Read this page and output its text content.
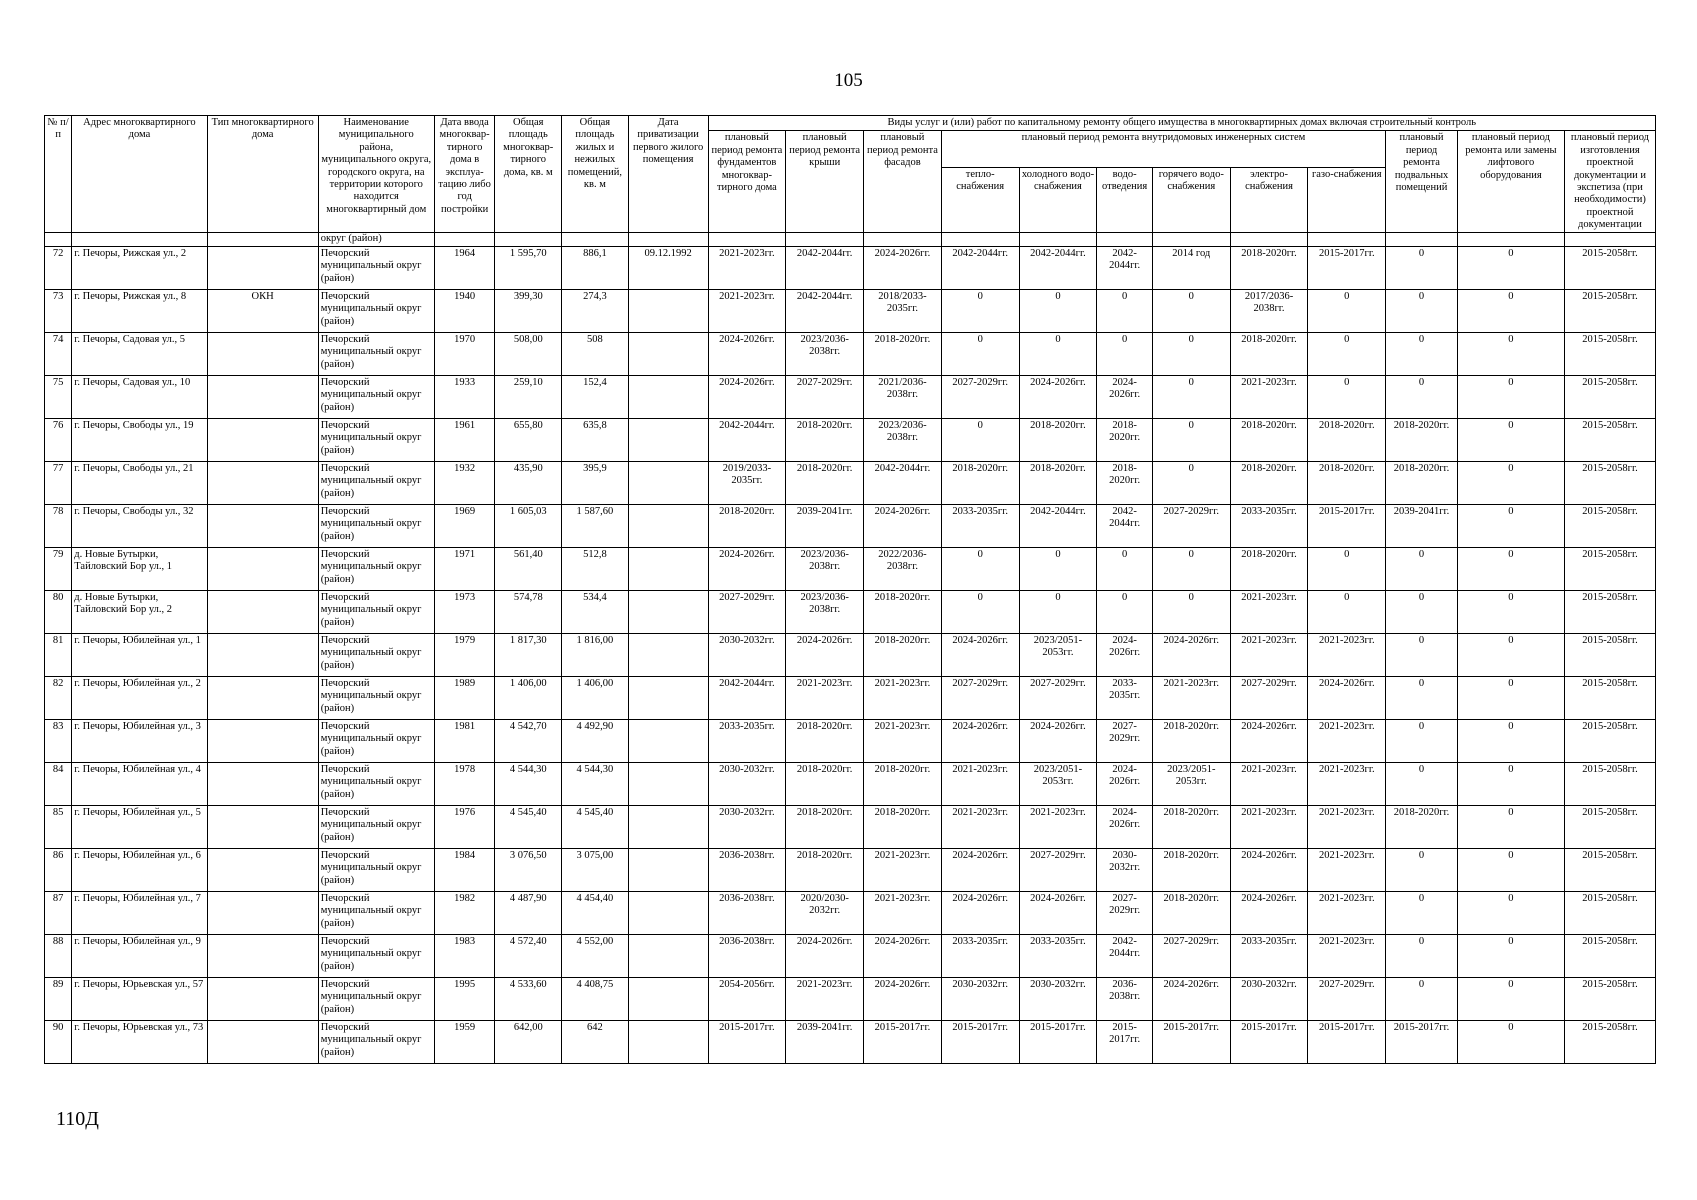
105
№ п/п	Адрес многоквартирного дома	Тип многоквартирного дома	Наименование муниципального района, муниципального округа, городского округа, на территории которого находится многоквартирный дом	Дата ввода многоквар-тирного дома в эксплуа-тацию либо год постройки	Общая площадь многоквар-тирного дома, кв. м	Общая площадь жилых и нежилых помещений, кв. м	Дата приватизации первого жилого помещения	Виды услуг и (или) работ по капитальному ремонту общего имущества в многоквартирных домах включая строительный контроль											
								плановый период ремонта фундаментов многоквар-тирного дома	плановый период ремонта крыши	плановый период ремонта фасадов	плановый период ремонта внутридомовых инженерных систем						плановый период ремонта подвальных помещений	плановый период ремонта или замены лифтового оборудования	плановый период изготовления проектной документации и экспетиза (при необходимости) проектной документации
											тепло-снабжения	холодного водо-снабжения	водо-отведения	горячего водо-снабжения	электро-снабжения	газо-снабжения			
			округ (район)																
72	г. Печоры, Рижская ул., 2		Печорский муниципальный округ (район)	1964	1 595,70	886,1	09.12.1992	2021-2023гг.	2042-2044гг.	2024-2026гг.	2042-2044гг.	2042-2044гг.	2042-2044гг.	2014 год	2018-2020гг.	2015-2017гг.	0	0	2015-2058гг.
73	г. Печоры, Рижская ул., 8	ОКН	Печорский муниципальный округ (район)	1940	399,30	274,3		2021-2023гг.	2042-2044гг.	2018/2033-2035гг.	0	0	0	0	2017/2036-2038гг.	0	0	0	2015-2058гг.
74	г. Печоры, Садовая ул., 5		Печорский муниципальный округ (район)	1970	508,00	508		2024-2026гг.	2023/2036-2038гг.	2018-2020гг.	0	0	0	0	2018-2020гг.	0	0	0	2015-2058гг.
75	г. Печоры, Садовая ул., 10		Печорский муниципальный округ (район)	1933	259,10	152,4		2024-2026гг.	2027-2029гг.	2021/2036-2038гг.	2027-2029гг.	2024-2026гг.	2024-2026гг.	0	2021-2023гг.	0	0	0	2015-2058гг.
76	г. Печоры, Свободы ул., 19		Печорский муниципальный округ (район)	1961	655,80	635,8		2042-2044гг.	2018-2020гг.	2023/2036-2038гг.	0	2018-2020гг.	2018-2020гг.	0	2018-2020гг.	2018-2020гг.	2018-2020гг.	0	2015-2058гг.
77	г. Печоры, Свободы ул., 21		Печорский муниципальный округ (район)	1932	435,90	395,9		2019/2033-2035гг.	2018-2020гг.	2042-2044гг.	2018-2020гг.	2018-2020гг.	2018-2020гг.	0	2018-2020гг.	2018-2020гг.	2018-2020гг.	0	2015-2058гг.
78	г. Печоры, Свободы ул., 32		Печорский муниципальный округ (район)	1969	1 605,03	1 587,60		2018-2020гг.	2039-2041гг.	2024-2026гг.	2033-2035гг.	2042-2044гг.	2042-2044гг.	2027-2029гг.	2033-2035гг.	2015-2017гг.	2039-2041гг.	0	2015-2058гг.
79	д. Новые Бутырки, Тайловский Бор ул., 1		Печорский муниципальный округ (район)	1971	561,40	512,8		2024-2026гг.	2023/2036-2038гг.	2022/2036-2038гг.	0	0	0	0	2018-2020гг.	0	0	0	2015-2058гг.
80	д. Новые Бутырки, Тайловский Бор ул., 2		Печорский муниципальный округ (район)	1973	574,78	534,4		2027-2029гг.	2023/2036-2038гг.	2018-2020гг.	0	0	0	0	2021-2023гг.	0	0	0	2015-2058гг.
81	г. Печоры, Юбилейная ул., 1		Печорский муниципальный округ (район)	1979	1 817,30	1 816,00		2030-2032гг.	2024-2026гг.	2018-2020гг.	2024-2026гг.	2023/2051-2053гг.	2024-2026гг.	2024-2026гг.	2021-2023гг.	2021-2023гг.	0	0	2015-2058гг.
82	г. Печоры, Юбилейная ул., 2		Печорский муниципальный округ (район)	1989	1 406,00	1 406,00		2042-2044гг.	2021-2023гг.	2021-2023гг.	2027-2029гг.	2027-2029гг.	2033-2035гг.	2021-2023гг.	2027-2029гг.	2024-2026гг.	0	0	2015-2058гг.
83	г. Печоры, Юбилейная ул., 3		Печорский муниципальный округ (район)	1981	4 542,70	4 492,90		2033-2035гг.	2018-2020гг.	2021-2023гг.	2024-2026гг.	2024-2026гг.	2027-2029гг.	2018-2020гг.	2024-2026гг.	2021-2023гг.	0	0	2015-2058гг.
84	г. Печоры, Юбилейная ул., 4		Печорский муниципальный округ (район)	1978	4 544,30	4 544,30		2030-2032гг.	2018-2020гг.	2018-2020гг.	2021-2023гг.	2023/2051-2053гг.	2024-2026гг.	2023/2051-2053гг.	2021-2023гг.	2021-2023гг.	0	0	2015-2058гг.
85	г. Печоры, Юбилейная ул., 5		Печорский муниципальный округ (район)	1976	4 545,40	4 545,40		2030-2032гг.	2018-2020гг.	2018-2020гг.	2021-2023гг.	2021-2023гг.	2024-2026гг.	2018-2020гг.	2021-2023гг.	2021-2023гг.	2018-2020гг.	0	2015-2058гг.
86	г. Печоры, Юбилейная ул., 6		Печорский муниципальный округ (район)	1984	3 076,50	3 075,00		2036-2038гг.	2018-2020гг.	2021-2023гг.	2024-2026гг.	2027-2029гг.	2030-2032гг.	2018-2020гг.	2024-2026гг.	2021-2023гг.	0	0	2015-2058гг.
87	г. Печоры, Юбилейная ул., 7		Печорский муниципальный округ (район)	1982	4 487,90	4 454,40		2036-2038гг.	2020/2030-2032гг.	2021-2023гг.	2024-2026гг.	2024-2026гг.	2027-2029гг.	2018-2020гг.	2024-2026гг.	2021-2023гг.	0	0	2015-2058гг.
88	г. Печоры, Юбилейная ул., 9		Печорский муниципальный округ (район)	1983	4 572,40	4 552,00		2036-2038гг.	2024-2026гг.	2024-2026гг.	2033-2035гг.	2033-2035гг.	2042-2044гг.	2027-2029гг.	2033-2035гг.	2021-2023гг.	0	0	2015-2058гг.
89	г. Печоры, Юрьевская ул., 57		Печорский муниципальный округ (район)	1995	4 533,60	4 408,75		2054-2056гг.	2021-2023гг.	2024-2026гг.	2030-2032гг.	2030-2032гг.	2036-2038гг.	2024-2026гг.	2030-2032гг.	2027-2029гг.	0	0	2015-2058гг.
90	г. Печоры, Юрьевская ул., 73		Печорский муниципальный округ (район)	1959	642,00	642		2015-2017гг.	2039-2041гг.	2015-2017гг.	2015-2017гг.	2015-2017гг.	2015-2017гг.	2015-2017гг.	2015-2017гг.	2015-2017гг.	2015-2017гг.	0	2015-2058гг.
110Д
